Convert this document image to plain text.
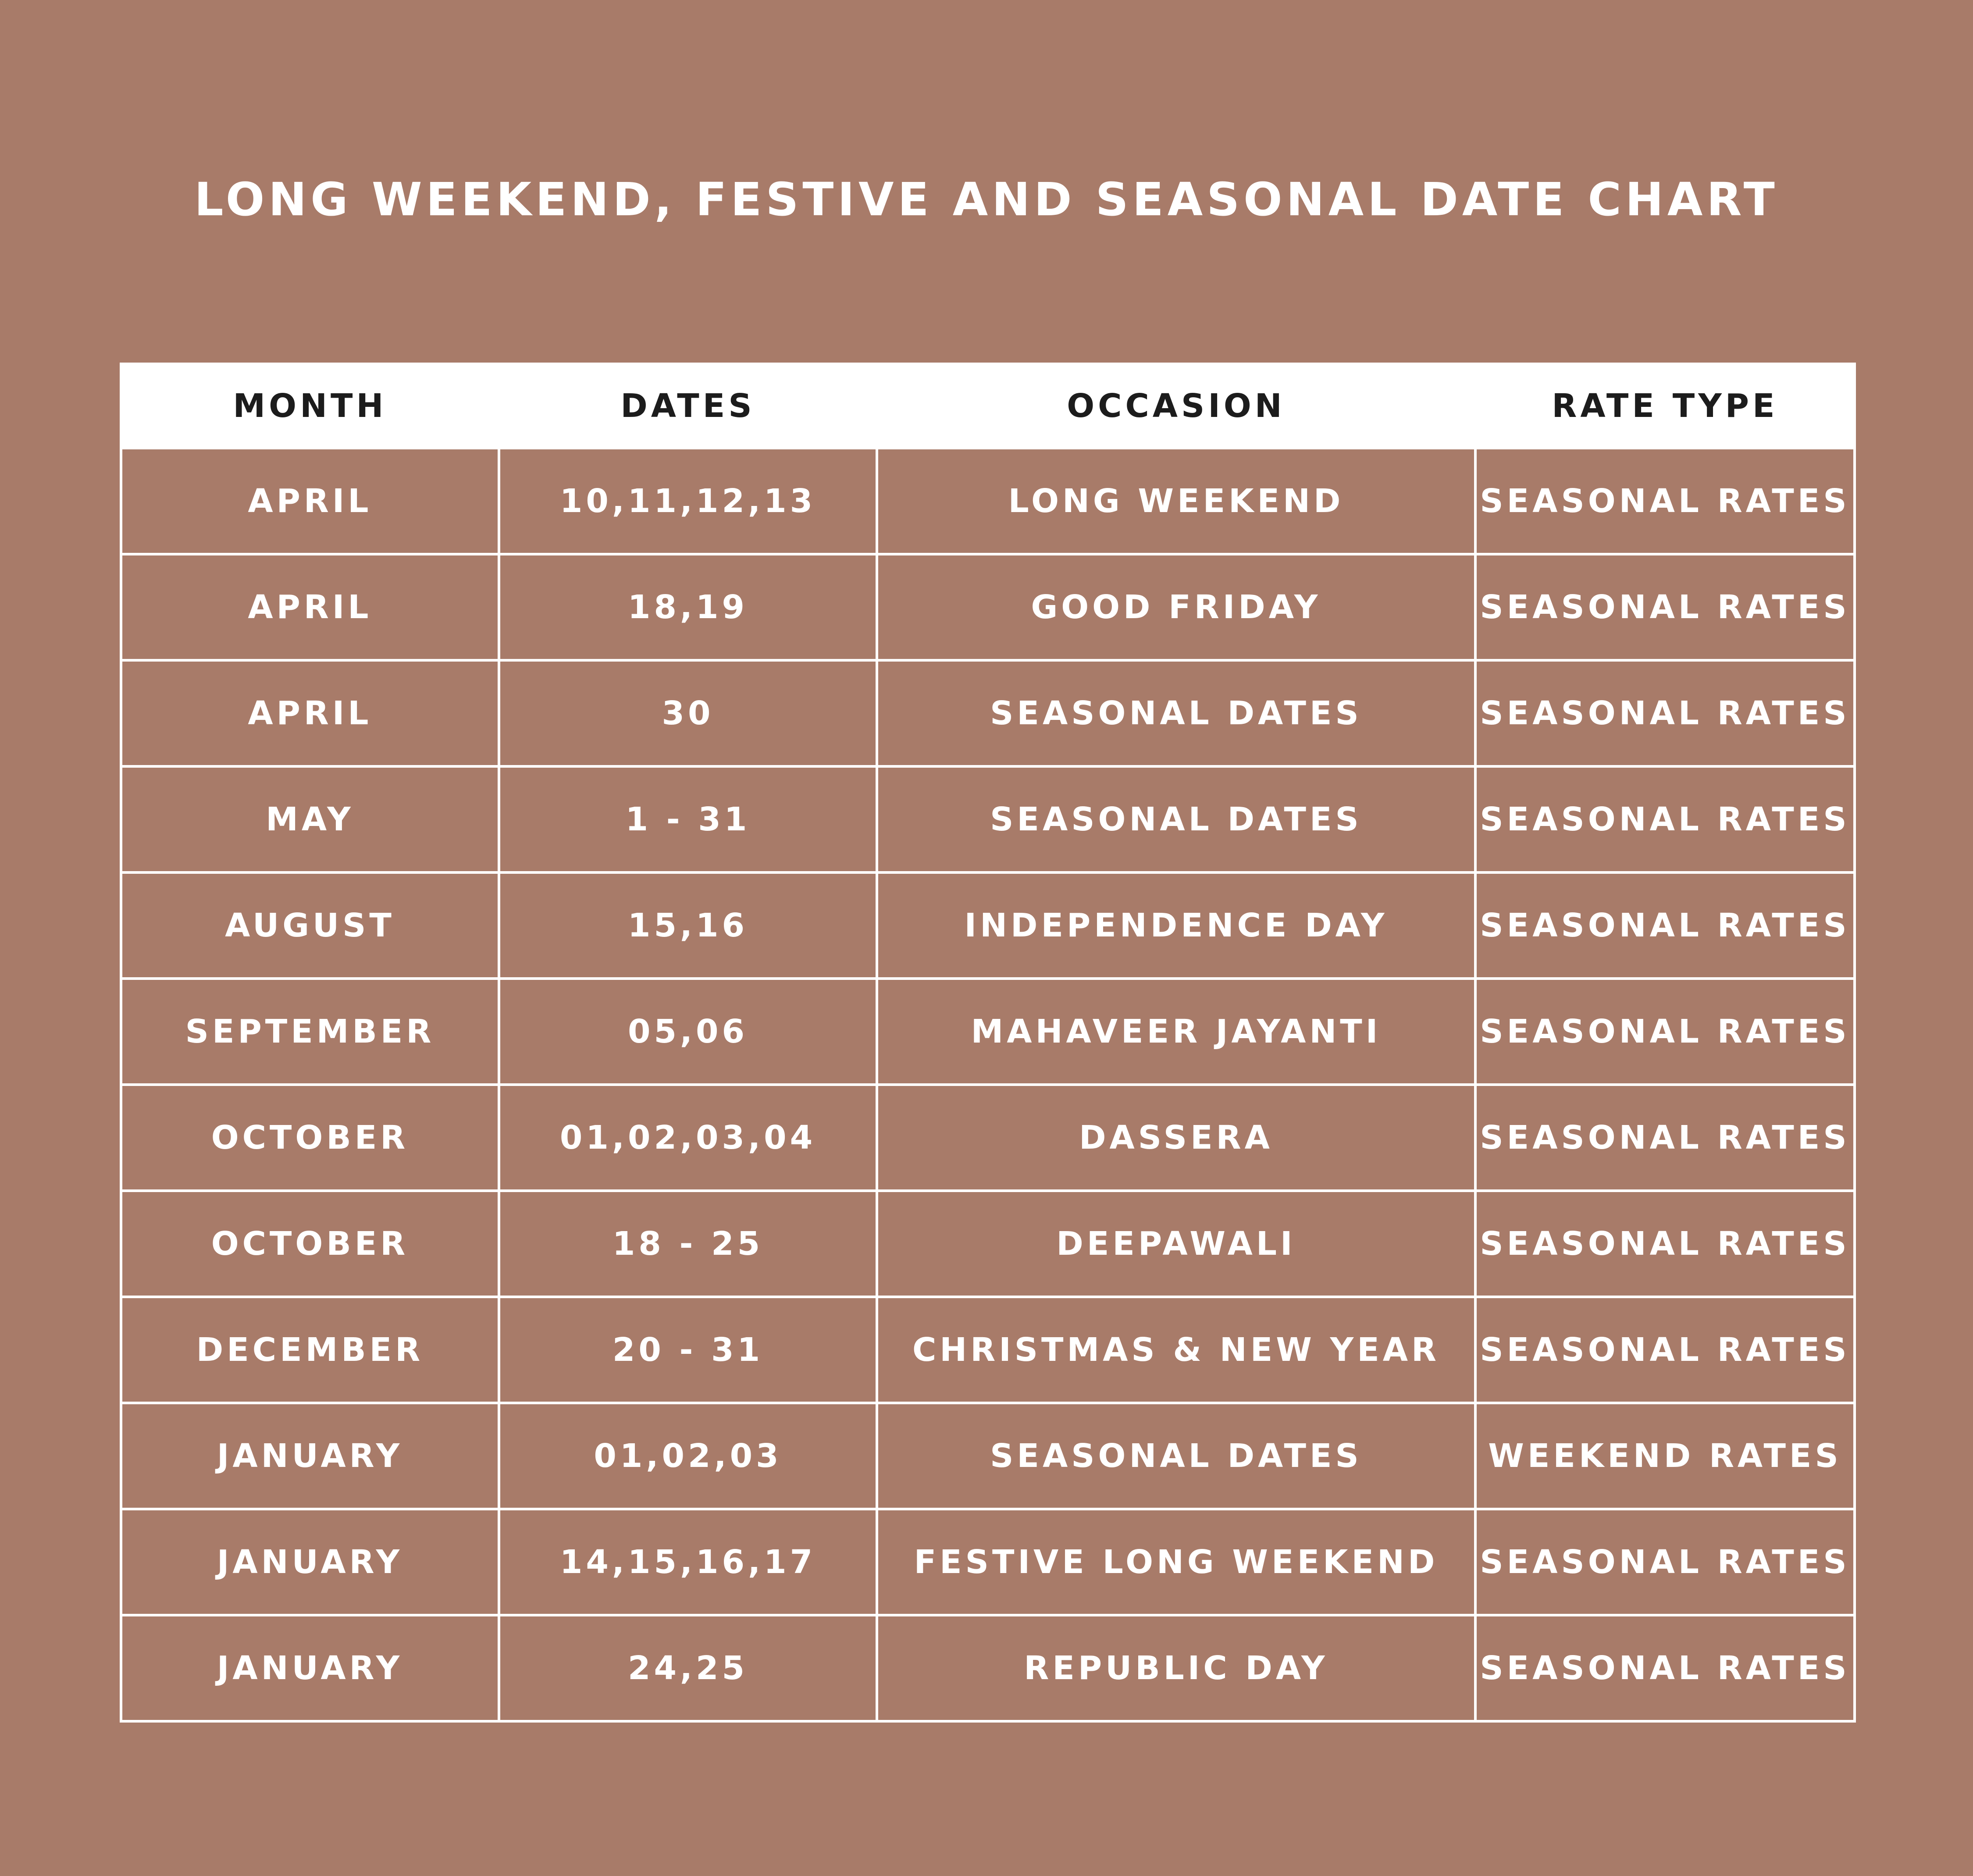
LONG WEEKEND, FESTIVE AND SEASONAL DATE CHART
MONTH	DATES	OCCASION	RATE TYPE
APRIL	10,11,12,13	LONG WEEKEND	SEASONAL RATES
APRIL	18,19	GOOD FRIDAY	SEASONAL RATES
APRIL	30	SEASONAL DATES	SEASONAL RATES
MAY	1 - 31	SEASONAL DATES	SEASONAL RATES
AUGUST	15,16	INDEPENDENCE DAY	SEASONAL RATES
SEPTEMBER	05,06	MAHAVEER JAYANTI	SEASONAL RATES
OCTOBER	01,02,03,04	DASSERA	SEASONAL RATES
OCTOBER	18 - 25	DEEPAWALI	SEASONAL RATES
DECEMBER	20 - 31	CHRISTMAS & NEW YEAR	SEASONAL RATES
JANUARY	01,02,03	SEASONAL DATES	WEEKEND RATES
JANUARY	14,15,16,17	FESTIVE LONG WEEKEND	SEASONAL RATES
JANUARY	24,25	REPUBLIC DAY	SEASONAL RATES
